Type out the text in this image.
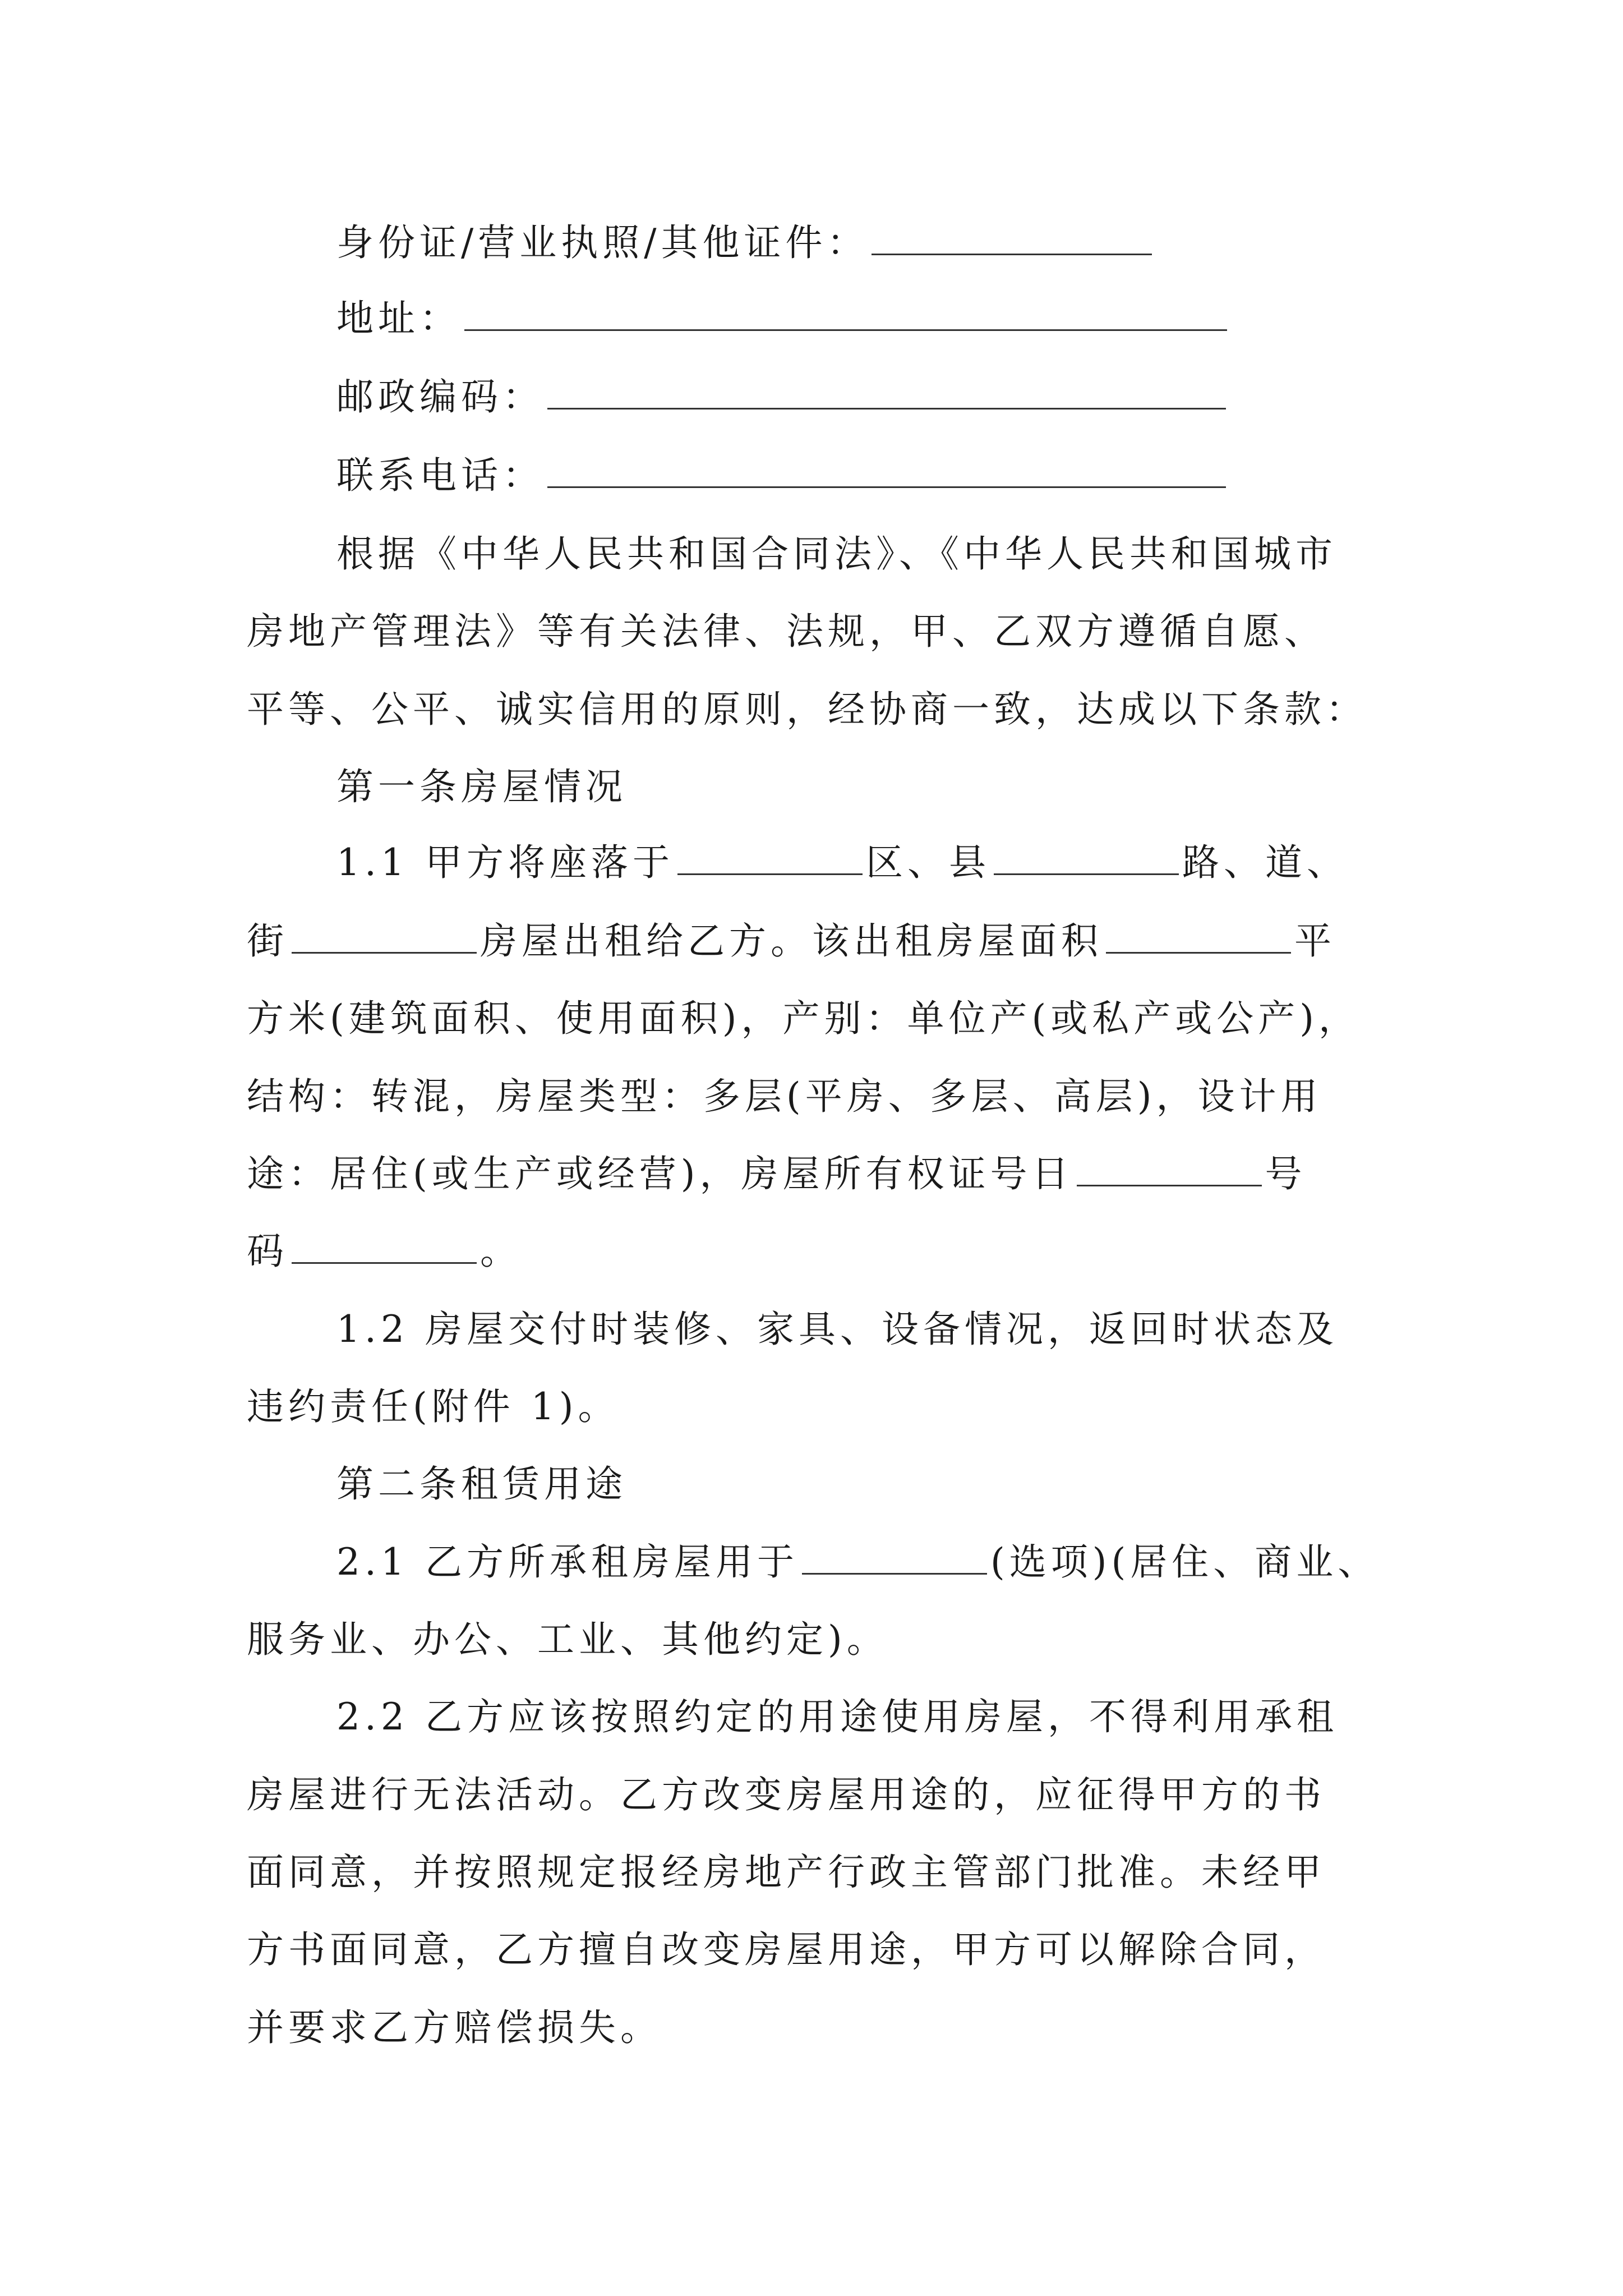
身份证/营业执照/其他证件：
地址：
邮政编码：
联系电话：
根据《中华人民共和国合同法》、《中华人民共和国城市
房地产管理法》等有关法律、法规，甲、乙双方遵循自愿、
平等、公平、诚实信用的原则，经协商一致，达成以下条款：
第一条房屋情况
1.1 甲方将座落于	区、县	路、道、
街	房屋出租给乙方。该出租房屋面积	平
方米(建筑面积、使用面积)，产别：单位产(或私产或公产)，
结构：转混，房屋类型：多层(平房、多层、高层)，设计用
途：居住(或生产或经营)，房屋所有权证号日	号
码	。
1.2 房屋交付时装修、家具、设备情况，返回时状态及
违约责任(附件 1)。
第二条租赁用途
2.1 乙方所承租房屋用于	(选项)(居住、商业、
服务业、办公、工业、其他约定)。
2.2 乙方应该按照约定的用途使用房屋，不得利用承租
房屋进行无法活动。乙方改变房屋用途的，应征得甲方的书
面同意，并按照规定报经房地产行政主管部门批准。未经甲
方书面同意，乙方擅自改变房屋用途，甲方可以解除合同，
并要求乙方赔偿损失。
